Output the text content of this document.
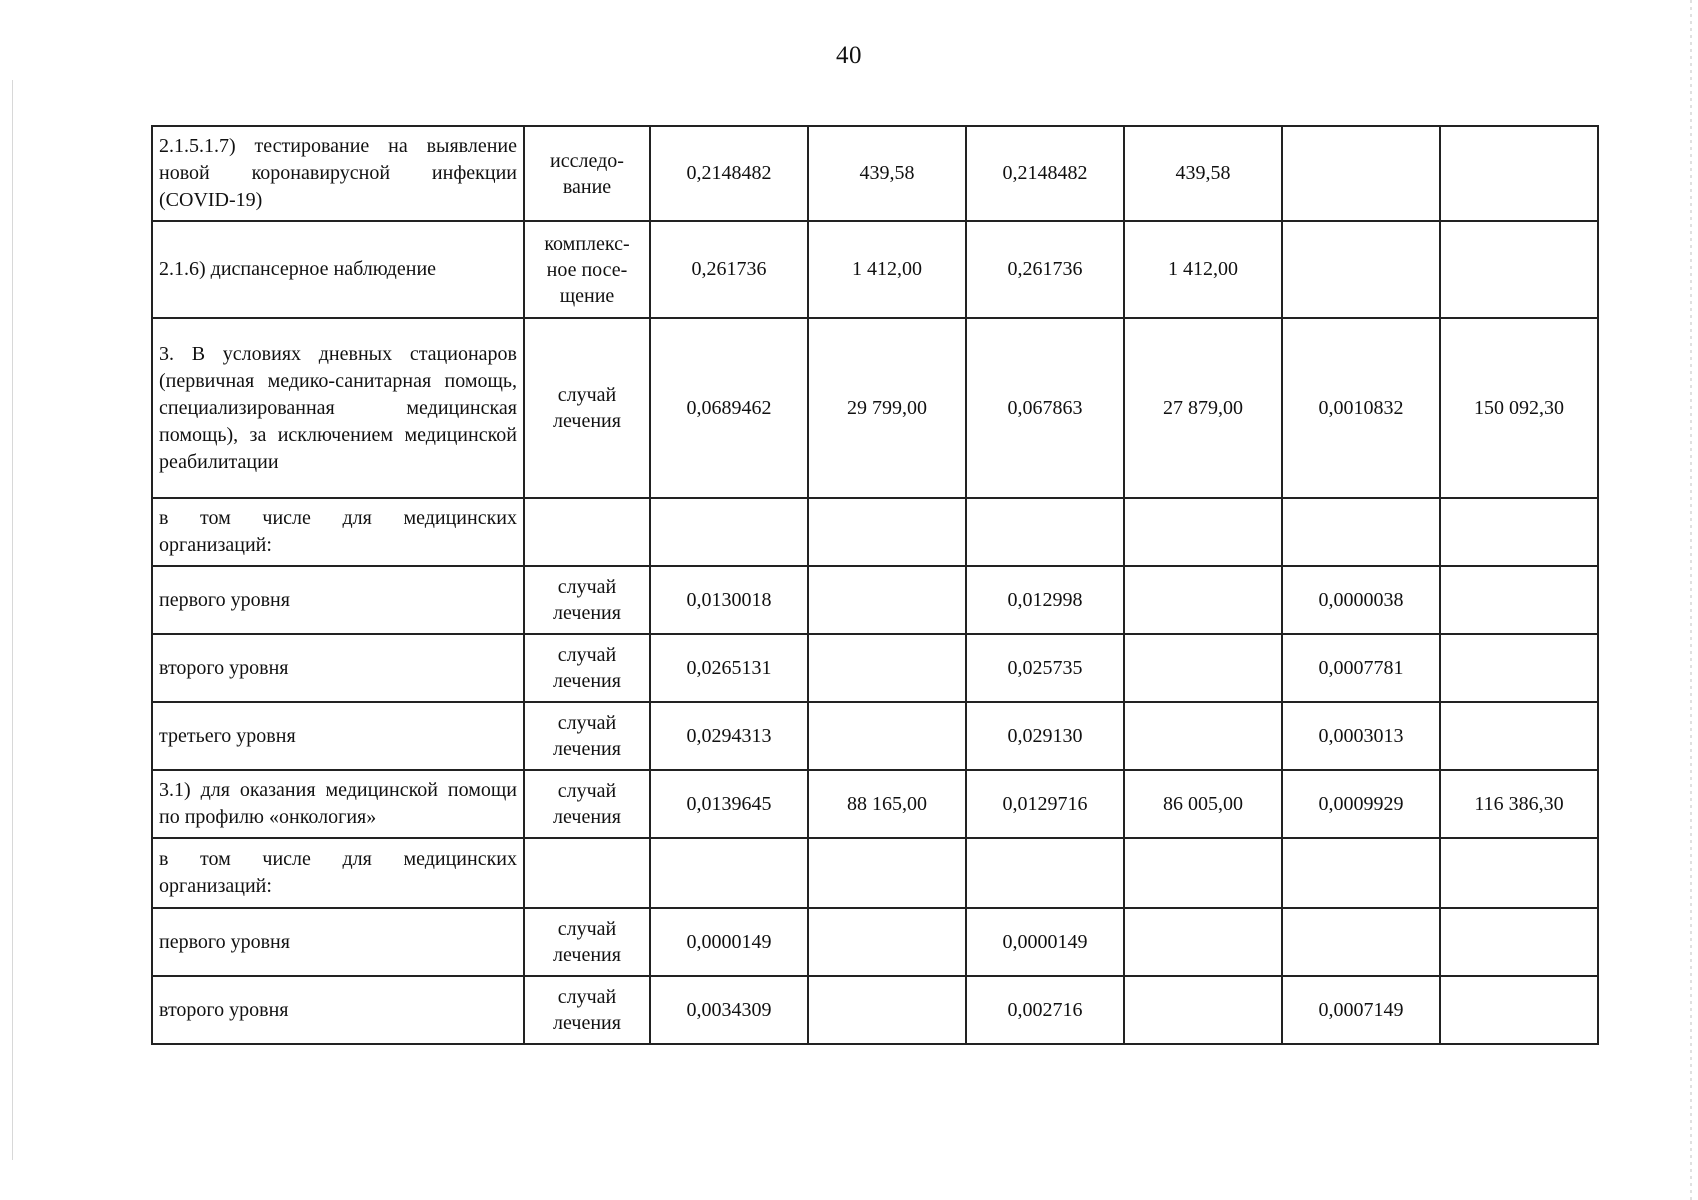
40
2.1.5.1.7) тестирование на выявление новой коронавирусной инфекции (COVID-19)	исследо-вание	0,2148482	439,58	0,2148482	439,58		
2.1.6) диспансерное наблюдение	комплекс-ное посе-щение	0,261736	1 412,00	0,261736	1 412,00		
3. В условиях дневных стационаров (первичная медико-санитарная помощь, специализированная медицинская помощь), за исключением медицинской реабилитации	случай лечения	0,0689462	29 799,00	0,067863	27 879,00	0,0010832	150 092,30
в том числе для медицинских организаций:							
первого уровня	случай лечения	0,0130018		0,012998		0,0000038	
второго уровня	случай лечения	0,0265131		0,025735		0,0007781	
третьего уровня	случай лечения	0,0294313		0,029130		0,0003013	
3.1) для оказания медицинской помощи по профилю «онкология»	случай лечения	0,0139645	88 165,00	0,0129716	86 005,00	0,0009929	116 386,30
в том числе для медицинских организаций:							
первого уровня	случай лечения	0,0000149		0,0000149			
второго уровня	случай лечения	0,0034309		0,002716		0,0007149	
